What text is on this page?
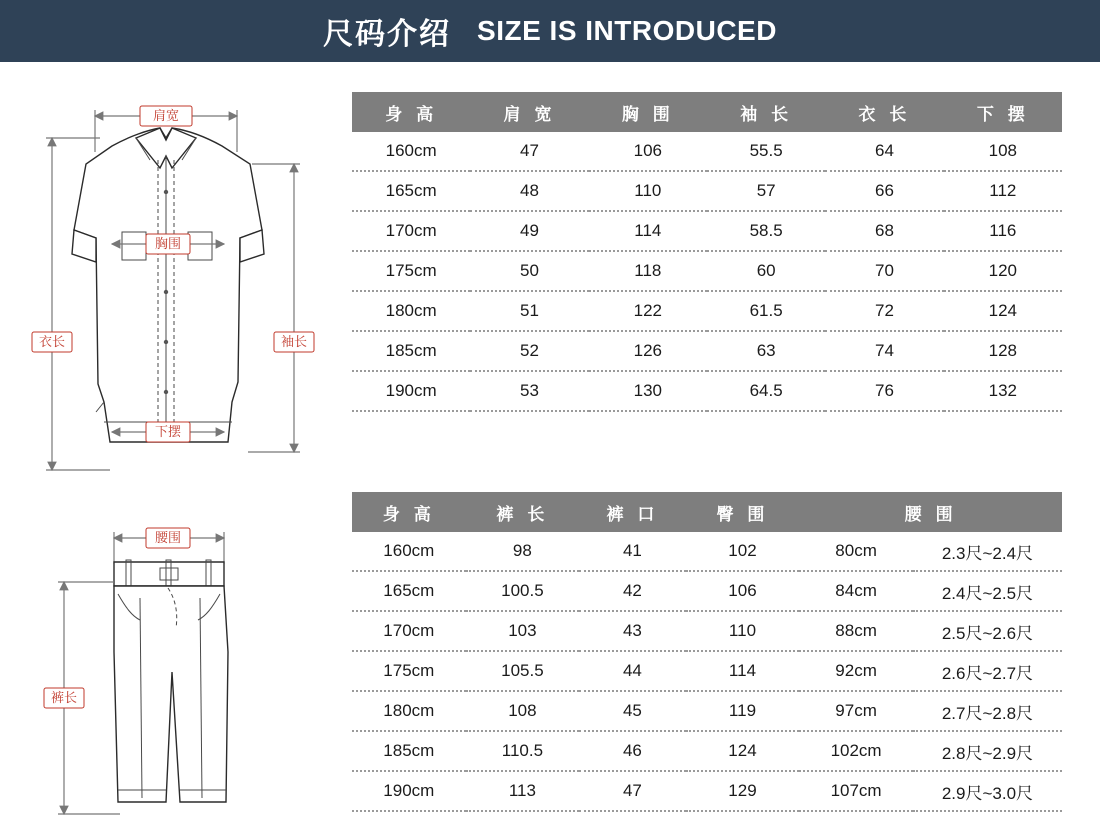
尺码介绍 SIZE IS INTRODUCED
肩宽
衣长	袖长
胸围
下摆
腰围
裤长
身 高	肩 宽	胸 围	袖 长	衣 长	下 摆
160cm	47	106	55.5	64	108
165cm	48	110	57	66	112
170cm	49	114	58.5	68	116
175cm	50	118	60	70	120
180cm	51	122	61.5	72	124
185cm	52	126	63	74	128
190cm	53	130	64.5	76	132
身 高	裤 长	裤 口	臀 围	腰 围	
160cm	98	41	102	80cm	2.3尺~2.4尺
165cm	100.5	42	106	84cm	2.4尺~2.5尺
170cm	103	43	110	88cm	2.5尺~2.6尺
175cm	105.5	44	114	92cm	2.6尺~2.7尺
180cm	108	45	119	97cm	2.7尺~2.8尺
185cm	110.5	46	124	102cm	2.8尺~2.9尺
190cm	113	47	129	107cm	2.9尺~3.0尺
